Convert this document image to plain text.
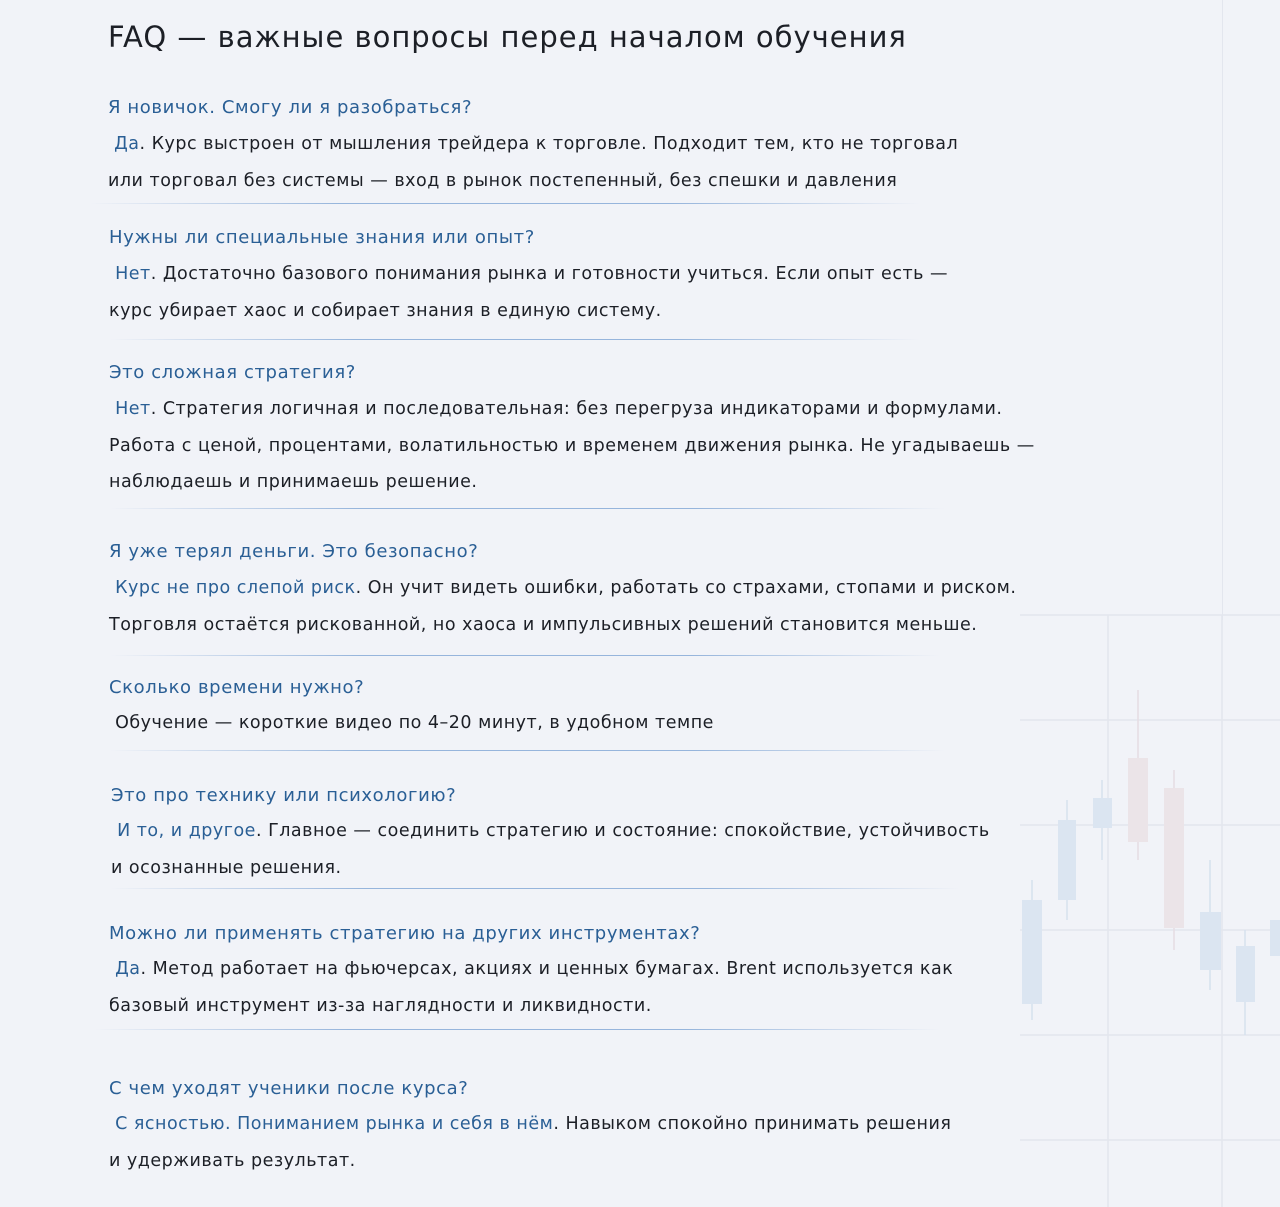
FAQ — важные вопросы перед началом обучения
Я новичок. Смогу ли я разобраться?
Да. Курс выстроен от мышления трейдера к торговле. Подходит тем, кто не торговал
или торговал без системы — вход в рынок постепенный, без спешки и давления
Нужны ли специальные знания или опыт?
Нет. Достаточно базового понимания рынка и готовности учиться. Если опыт есть —
курс убирает хаос и собирает знания в единую систему.
Это сложная стратегия?
Нет. Стратегия логичная и последовательная: без перегруза индикаторами и формулами.
Работа с ценой, процентами, волатильностью и временем движения рынка. Не угадываешь —
наблюдаешь и принимаешь решение.
Я уже терял деньги. Это безопасно?
Курс не про слепой риск. Он учит видеть ошибки, работать со страхами, стопами и риском.
Торговля остаётся рискованной, но хаоса и импульсивных решений становится меньше.
Сколько времени нужно?
Обучение — короткие видео по 4–20 минут, в удобном темпе
Это про технику или психологию?
И то, и другое. Главное — соединить стратегию и состояние: спокойствие, устойчивость
и осознанные решения.
Можно ли применять стратегию на других инструментах?
Да. Метод работает на фьючерсах, акциях и ценных бумагах. Brent используется как
базовый инструмент из-за наглядности и ликвидности.
С чем уходят ученики после курса?
С ясностью. Пониманием рынка и себя в нём. Навыком спокойно принимать решения
и удерживать результат.
